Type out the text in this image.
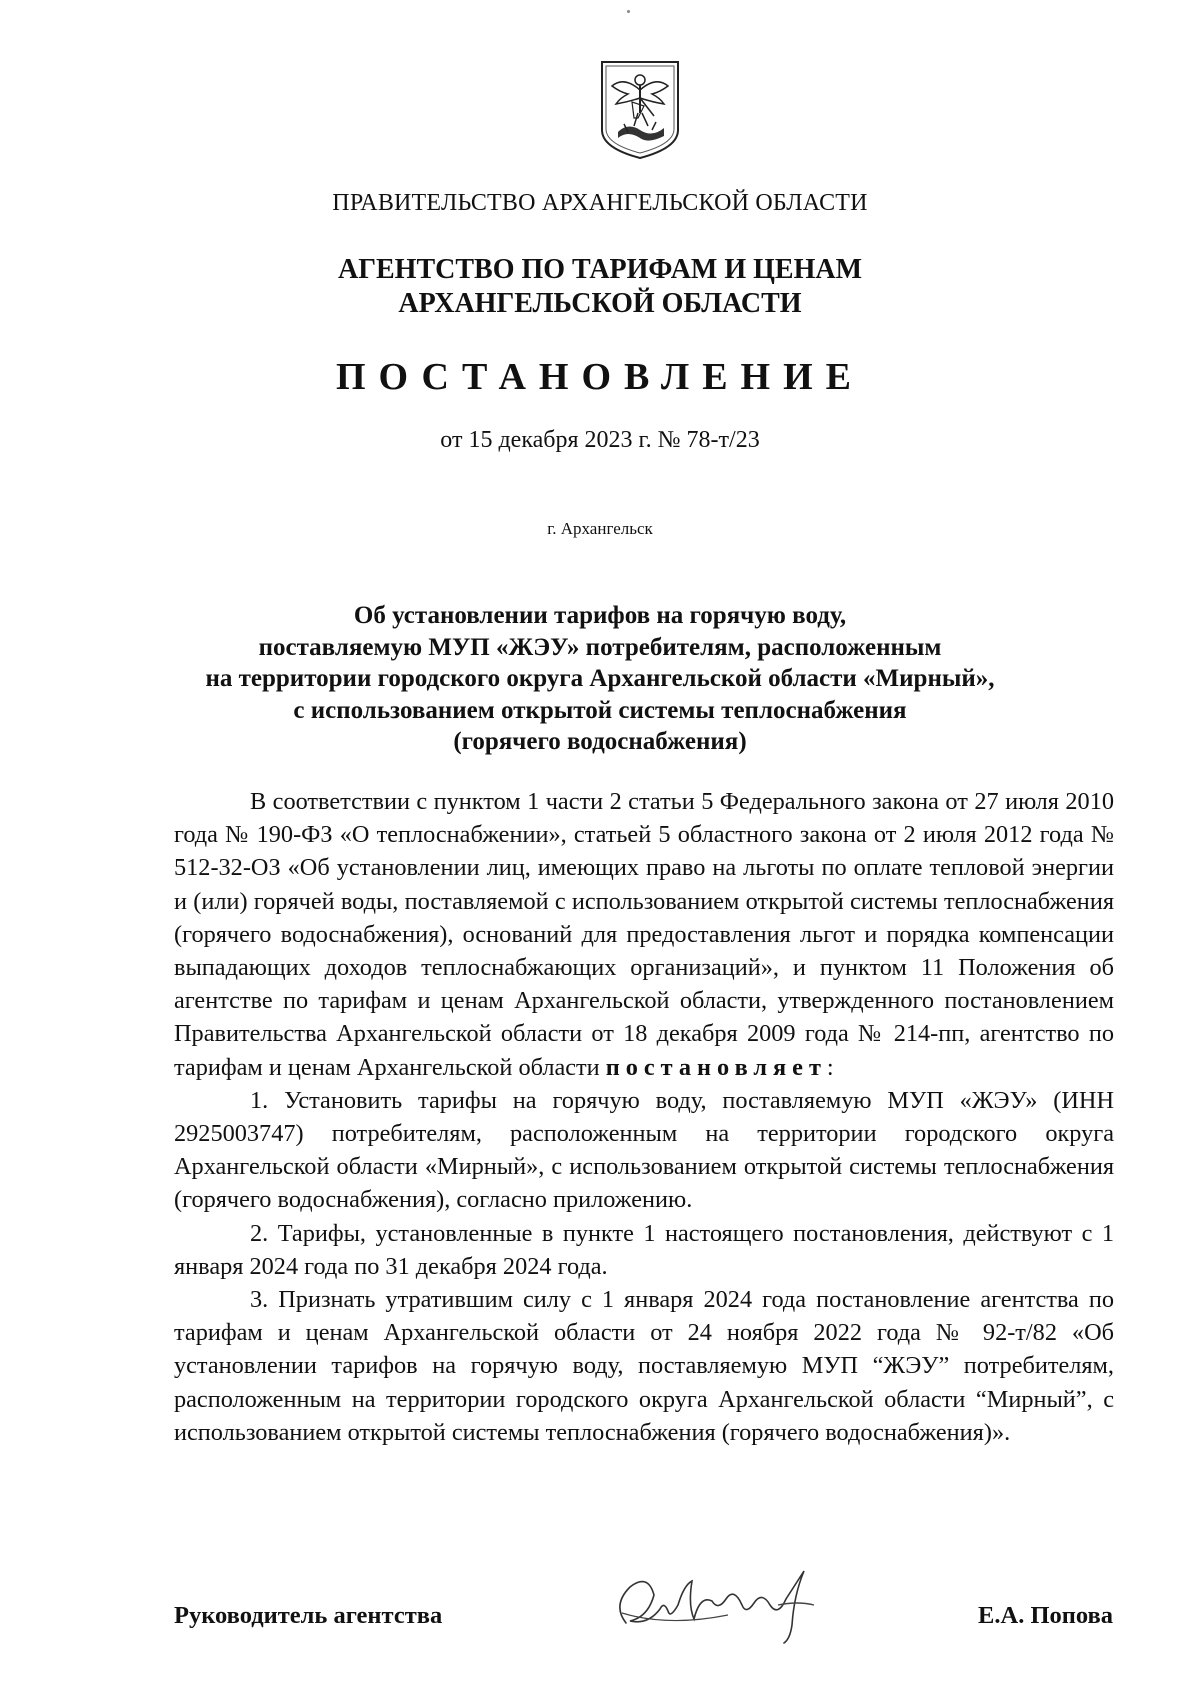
ПРАВИТЕЛЬСТВО АРХАНГЕЛЬСКОЙ ОБЛАСТИ
АГЕНТСТВО ПО ТАРИФАМ И ЦЕНАМ
АРХАНГЕЛЬСКОЙ ОБЛАСТИ
ПОСТАНОВЛЕНИЕ
от 15 декабря 2023 г. № 78-т/23
г. Архангельск
Об установлении тарифов на горячую воду,
поставляемую МУП «ЖЭУ» потребителям, расположенным
на территории городского округа Архангельской области «Мирный»,
с использованием открытой системы теплоснабжения
(горячего водоснабжения)

В соответствии с пунктом 1 части 2 статьи 5 Федерального закона от 27 июля 2010 года № 190-ФЗ «О теплоснабжении», статьей 5 областного закона от 2 июля 2012 года № 512-32-ОЗ «Об установлении лиц, имеющих право на льготы по оплате тепловой энергии и (или) горячей воды, поставляемой с использованием открытой системы теплоснабжения (горячего водоснабжения), оснований для предоставления льгот и порядка компенсации выпадающих доходов теплоснабжающих организаций», и пунктом 11 Положения об агентстве по тарифам и ценам Архангельской области, утвержденного постановлением Правительства Архангельской области от 18 декабря 2009 года № 214-пп, агентство по тарифам и ценам Архангельской области постановляет:

1. Установить тарифы на горячую воду, поставляемую МУП «ЖЭУ» (ИНН 2925003747) потребителям, расположенным на территории городского округа Архангельской области «Мирный», с использованием открытой системы теплоснабжения (горячего водоснабжения), согласно приложению.

2. Тарифы, установленные в пункте 1 настоящего постановления, действуют с 1 января 2024 года по 31 декабря 2024 года.

3. Признать утратившим силу с 1 января 2024 года постановление агентства по тарифам и ценам Архангельской области от 24 ноября 2022 года № 92-т/82 «Об установлении тарифов на горячую воду, поставляемую МУП “ЖЭУ” потребителям, расположенным на территории городского округа Архангельской области “Мирный”, с использованием открытой системы теплоснабжения (горячего водоснабжения)».

Руководитель агентства	Е.А. Попова
